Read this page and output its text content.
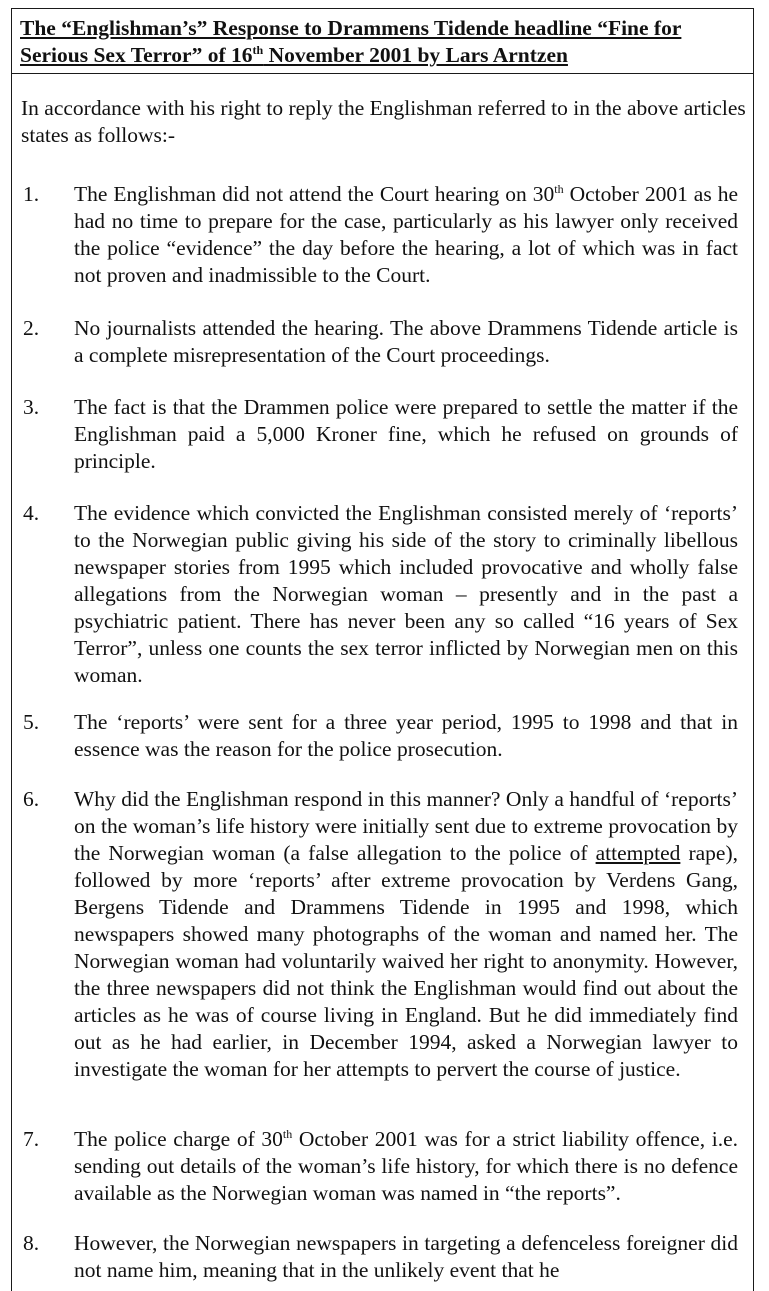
The “Englishman’s” Response to Drammens Tidende headline “Fine for
Serious Sex Terror” of 16th November 2001 by Lars Arntzen
In accordance with his right to reply the Englishman referred to in the above articles states as follows:-
1. The Englishman did not attend the Court hearing on 30th October 2001 as he had no time to prepare for the case, particularly as his lawyer only received the police “evidence” the day before the hearing, a lot of which was in fact not proven and inadmissible to the Court.
2. No journalists attended the hearing. The above Drammens Tidende article is a complete misrepresentation of the Court proceedings.
3. The fact is that the Drammen police were prepared to settle the matter if the Englishman paid a 5,000 Kroner fine, which he refused on grounds of principle.
4. The evidence which convicted the Englishman consisted merely of ‘reports’ to the Norwegian public giving his side of the story to criminally libellous newspaper stories from 1995 which included provocative and wholly false allegations from the Norwegian woman – presently and in the past a psychiatric patient. There has never been any so called “16 years of Sex Terror”, unless one counts the sex terror inflicted by Norwegian men on this woman.
5. The ‘reports’ were sent for a three year period, 1995 to 1998 and that in essence was the reason for the police prosecution.
6. Why did the Englishman respond in this manner? Only a handful of ‘reports’ on the woman’s life history were initially sent due to extreme provocation by the Norwegian woman (a false allegation to the police of attempted rape), followed by more ‘reports’ after extreme provocation by Verdens Gang, Bergens Tidende and Drammens Tidende in 1995 and 1998, which newspapers showed many photographs of the woman and named her. The Norwegian woman had voluntarily waived her right to anonymity. However, the three newspapers did not think the Englishman would find out about the articles as he was of course living in England. But he did immediately find out as he had earlier, in December 1994, asked a Norwegian lawyer to investigate the woman for her attempts to pervert the course of justice.
7. The police charge of 30th October 2001 was for a strict liability offence, i.e. sending out details of the woman’s life history, for which there is no defence available as the Norwegian woman was named in “the reports”.
8. However, the Norwegian newspapers in targeting a defenceless foreigner did not name him, meaning that in the unlikely event that he
